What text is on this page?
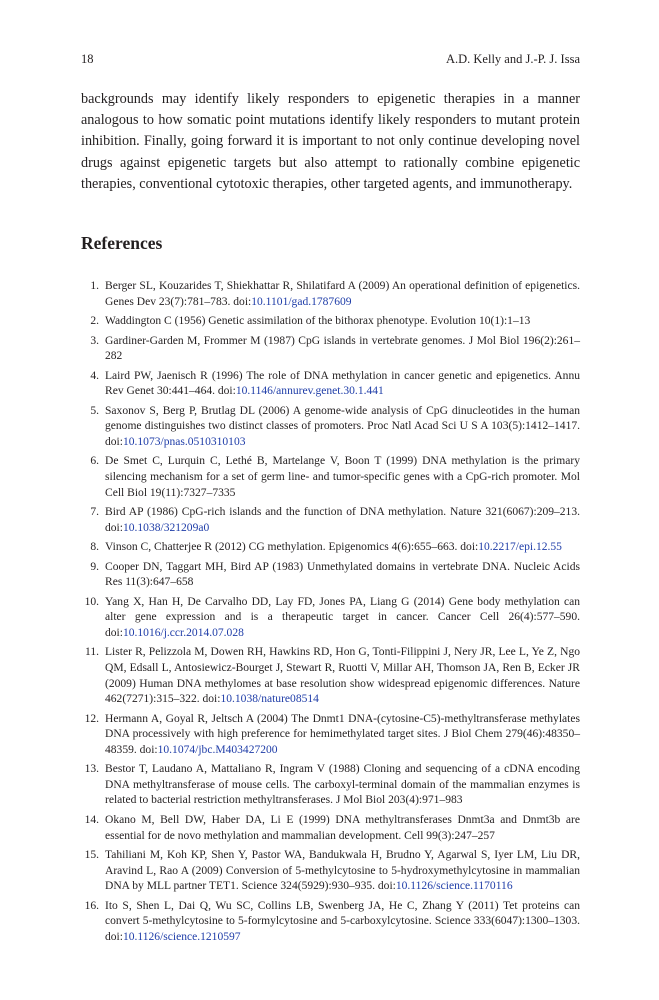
18	A.D. Kelly and J.-P. J. Issa

backgrounds may identify likely responders to epigenetic therapies in a manner analogous to how somatic point mutations identify likely responders to mutant protein inhibition. Finally, going forward it is important to not only continue developing novel drugs against epigenetic targets but also attempt to rationally combine epigenetic therapies, conventional cytotoxic therapies, other targeted agents, and immunotherapy.

References
1. Berger SL, Kouzarides T, Shiekhattar R, Shilatifard A (2009) An operational definition of epigenetics. Genes Dev 23(7):781–783. doi:10.1101/gad.1787609
2. Waddington C (1956) Genetic assimilation of the bithorax phenotype. Evolution 10(1):1–13
3. Gardiner-Garden M, Frommer M (1987) CpG islands in vertebrate genomes. J Mol Biol 196(2):261–282
4. Laird PW, Jaenisch R (1996) The role of DNA methylation in cancer genetic and epigenetics. Annu Rev Genet 30:441–464. doi:10.1146/annurev.genet.30.1.441
5. Saxonov S, Berg P, Brutlag DL (2006) A genome-wide analysis of CpG dinucleotides in the human genome distinguishes two distinct classes of promoters. Proc Natl Acad Sci U S A 103(5):1412–1417. doi:10.1073/pnas.0510310103
6. De Smet C, Lurquin C, Lethé B, Martelange V, Boon T (1999) DNA methylation is the primary silencing mechanism for a set of germ line- and tumor-specific genes with a CpG-rich promoter. Mol Cell Biol 19(11):7327–7335
7. Bird AP (1986) CpG-rich islands and the function of DNA methylation. Nature 321(6067):209–213. doi:10.1038/321209a0
8. Vinson C, Chatterjee R (2012) CG methylation. Epigenomics 4(6):655–663. doi:10.2217/epi.12.55
9. Cooper DN, Taggart MH, Bird AP (1983) Unmethylated domains in vertebrate DNA. Nucleic Acids Res 11(3):647–658
10. Yang X, Han H, De Carvalho DD, Lay FD, Jones PA, Liang G (2014) Gene body methylation can alter gene expression and is a therapeutic target in cancer. Cancer Cell 26(4):577–590. doi:10.1016/j.ccr.2014.07.028
11. Lister R, Pelizzola M, Dowen RH, Hawkins RD, Hon G, Tonti-Filippini J, Nery JR, Lee L, Ye Z, Ngo QM, Edsall L, Antosiewicz-Bourget J, Stewart R, Ruotti V, Millar AH, Thomson JA, Ren B, Ecker JR (2009) Human DNA methylomes at base resolution show widespread epigenomic differences. Nature 462(7271):315–322. doi:10.1038/nature08514
12. Hermann A, Goyal R, Jeltsch A (2004) The Dnmt1 DNA-(cytosine-C5)-methyltransferase methylates DNA processively with high preference for hemimethylated target sites. J Biol Chem 279(46):48350–48359. doi:10.1074/jbc.M403427200
13. Bestor T, Laudano A, Mattaliano R, Ingram V (1988) Cloning and sequencing of a cDNA encoding DNA methyltransferase of mouse cells. The carboxyl-terminal domain of the mammalian enzymes is related to bacterial restriction methyltransferases. J Mol Biol 203(4):971–983
14. Okano M, Bell DW, Haber DA, Li E (1999) DNA methyltransferases Dnmt3a and Dnmt3b are essential for de novo methylation and mammalian development. Cell 99(3):247–257
15. Tahiliani M, Koh KP, Shen Y, Pastor WA, Bandukwala H, Brudno Y, Agarwal S, Iyer LM, Liu DR, Aravind L, Rao A (2009) Conversion of 5-methylcytosine to 5-hydroxymethylcytosine in mammalian DNA by MLL partner TET1. Science 324(5929):930–935. doi:10.1126/science.1170116
16. Ito S, Shen L, Dai Q, Wu SC, Collins LB, Swenberg JA, He C, Zhang Y (2011) Tet proteins can convert 5-methylcytosine to 5-formylcytosine and 5-carboxylcytosine. Science 333(6047):1300–1303. doi:10.1126/science.1210597
